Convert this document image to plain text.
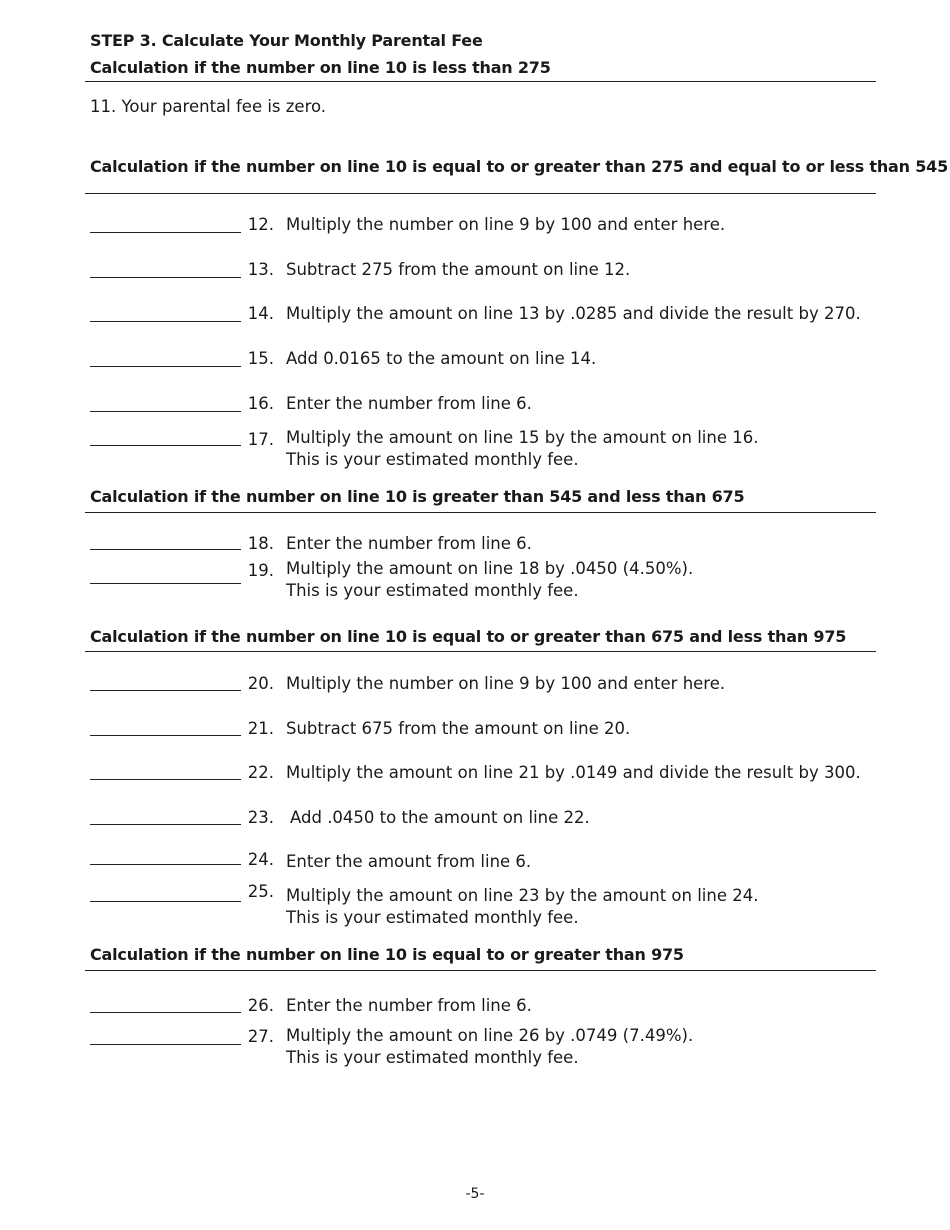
STEP 3. Calculate Your Monthly Parental Fee
Calculation if the number on line 10 is less than 275
11. Your parental fee is zero.
Calculation if the number on line 10 is equal to or greater than 275 and equal to or less than 545
12. Multiply the number on line 9 by 100 and enter here.
13. Subtract 275 from the amount on line 12.
14. Multiply the amount on line 13 by .0285 and divide the result by 270.
15. Add 0.0165 to the amount on line 14.
16. Enter the number from line 6.
17. Multiply the amount on line 15 by the amount on line 16.
This is your estimated monthly fee.
Calculation if the number on line 10 is greater than 545 and less than 675
18. Enter the number from line 6.
19. Multiply the amount on line 18 by .0450 (4.50%).
This is your estimated monthly fee.
Calculation if the number on line 10 is equal to or greater than 675 and less than 975
20. Multiply the number on line 9 by 100 and enter here.
21. Subtract 675 from the amount on line 20.
22. Multiply the amount on line 21 by .0149 and divide the result by 300.
23. Add .0450 to the amount on line 22.
24. Enter the amount from line 6.
25. Multiply the amount on line 23 by the amount on line 24.
This is your estimated monthly fee.
Calculation if the number on line 10 is equal to or greater than 975
26. Enter the number from line 6.
27. Multiply the amount on line 26 by .0749 (7.49%).
This is your estimated monthly fee.
-5-
